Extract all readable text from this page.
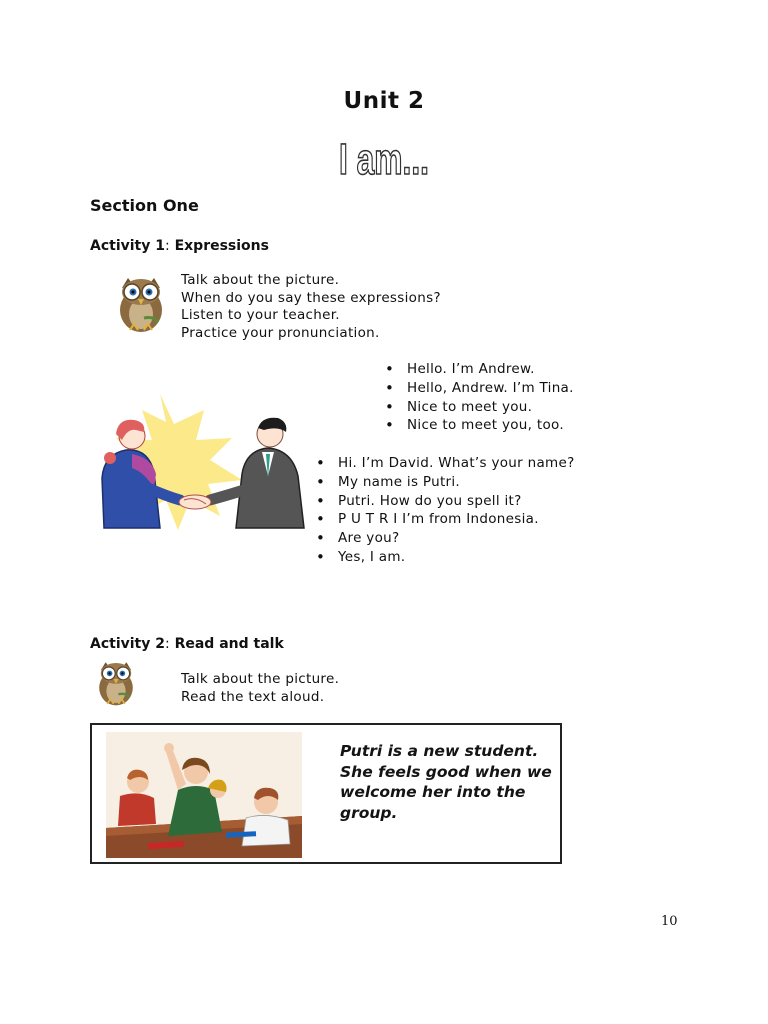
Unit 2
I am...
Section One
Activity 1: Expressions
Talk about the picture.
When do you say these expressions?
Listen to your teacher.
Practice your pronunciation.
• Hello. I’m Andrew.
• Hello, Andrew. I’m Tina.
• Nice to meet you.
• Nice to meet you, too.
• Hi. I’m David. What’s your name?
• My name is Putri.
• Putri. How do you spell it?
• P U T R I I’m from Indonesia.
• Are you?
• Yes, I am.
Activity 2: Read and talk
Talk about the picture.
Read the text aloud.
Putri is a new student.
She feels good when we
welcome her into the
group.
10
